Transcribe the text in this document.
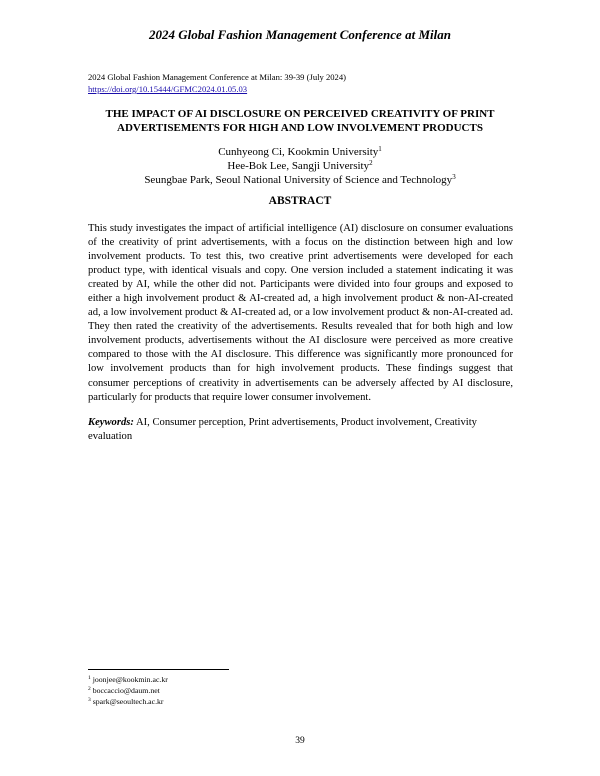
2024 Global Fashion Management Conference at Milan
2024 Global Fashion Management Conference at Milan: 39-39 (July 2024)
https://doi.org/10.15444/GFMC2024.01.05.03
THE IMPACT OF AI DISCLOSURE ON PERCEIVED CREATIVITY OF PRINT ADVERTISEMENTS FOR HIGH AND LOW INVOLVEMENT PRODUCTS
Cunhyeong Ci, Kookmin University$^1$
Hee-Bok Lee, Sangji University$^2$
Seungbae Park, Seoul National University of Science and Technology$^3$
ABSTRACT

This study investigates the impact of artificial intelligence (AI) disclosure on consumer evaluations of the creativity of print advertisements, with a focus on the distinction between high and low involvement products. To test this, two creative print advertisements were developed for each product type, with identical visuals and copy. One version included a statement indicating it was created by AI, while the other did not. Participants were divided into four groups and exposed to either a high involvement product & AI-created ad, a high involvement product & non-AI-created ad, a low involvement product & AI-created ad, or a low involvement product & non-AI-created ad. They then rated the creativity of the advertisements. Results revealed that for both high and low involvement products, advertisements without the AI disclosure were perceived as more creative compared to those with the AI disclosure. This difference was significantly more pronounced for low involvement products than for high involvement products. These findings suggest that consumer perceptions of creativity in advertisements can be adversely affected by AI disclosure, particularly for products that require lower consumer involvement.

Keywords: AI, Consumer perception, Print advertisements, Product involvement, Creativity evaluation
$^1$ joonjee@kookmin.ac.kr
$^2$ boccaccio@daum.net
$^3$ spark@seoultech.ac.kr
39
